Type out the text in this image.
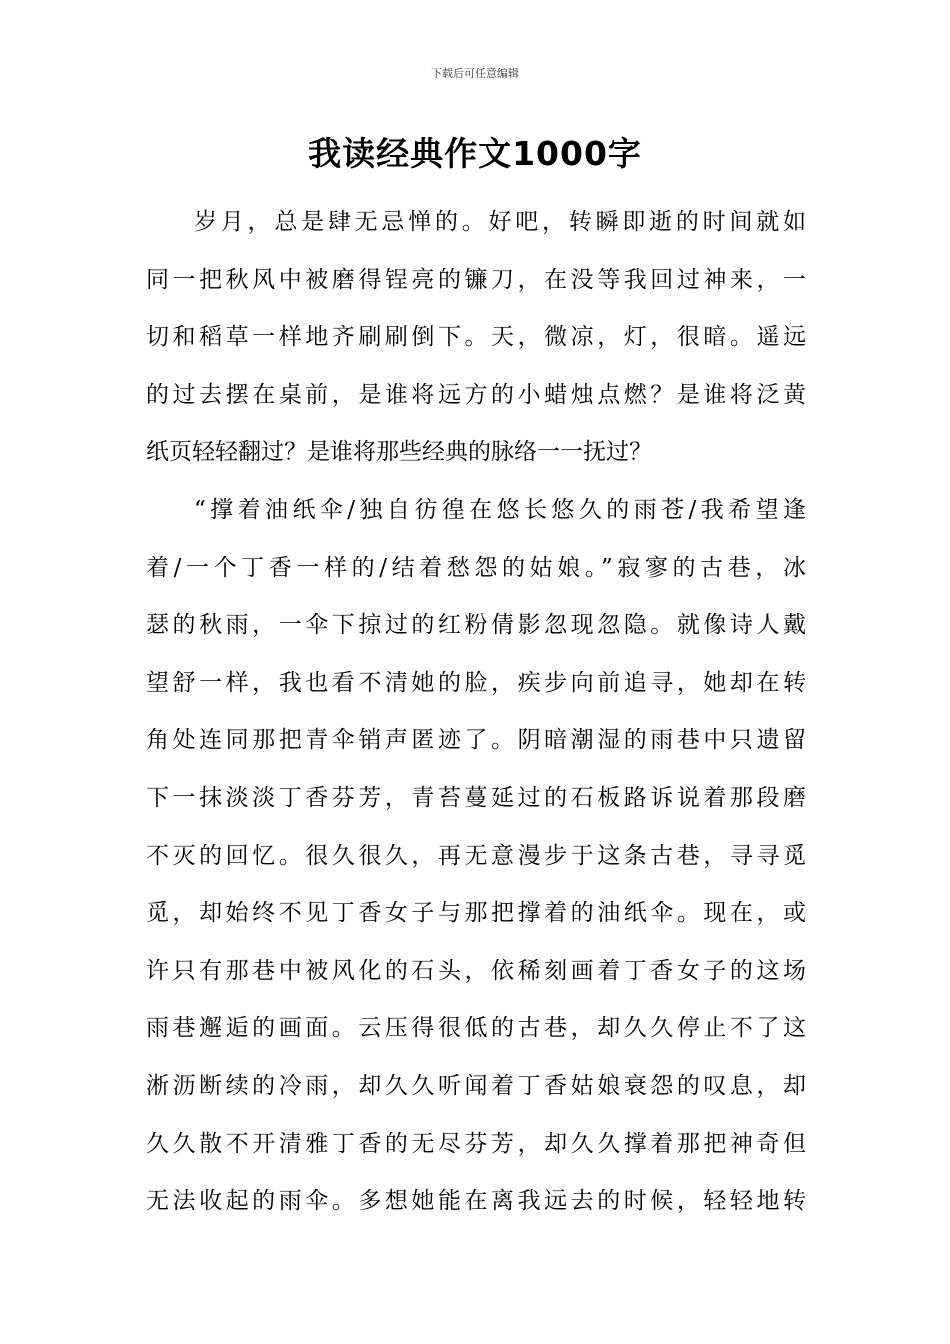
下载后可任意编辑
我读经典作文1000字
岁月，总是肆无忌惮的。好吧，转瞬即逝的时间就如
同一把秋风中被磨得锃亮的镰刀，在没等我回过神来，一
切和稻草一样地齐刷刷倒下。天，微凉，灯，很暗。遥远
的过去摆在桌前，是谁将远方的小蜡烛点燃？是谁将泛黄
纸页轻轻翻过？是谁将那些经典的脉络一一抚过？
“撑着油纸伞/独自彷徨在悠长悠久的雨苍/我希望逢
着/一个丁香一样的/结着愁怨的姑娘。”寂寥的古巷，冰
瑟的秋雨，一伞下掠过的红粉倩影忽现忽隐。就像诗人戴
望舒一样，我也看不清她的脸，疾步向前追寻，她却在转
角处连同那把青伞销声匿迹了。阴暗潮湿的雨巷中只遗留
下一抹淡淡丁香芬芳，青苔蔓延过的石板路诉说着那段磨
不灭的回忆。很久很久，再无意漫步于这条古巷，寻寻觅
觅，却始终不见丁香女子与那把撑着的油纸伞。现在，或
许只有那巷中被风化的石头，依稀刻画着丁香女子的这场
雨巷邂逅的画面。云压得很低的古巷，却久久停止不了这
淅沥断续的冷雨，却久久听闻着丁香姑娘衰怨的叹息，却
久久散不开清雅丁香的无尽芬芳，却久久撑着那把神奇但
无法收起的雨伞。多想她能在离我远去的时候，轻轻地转
